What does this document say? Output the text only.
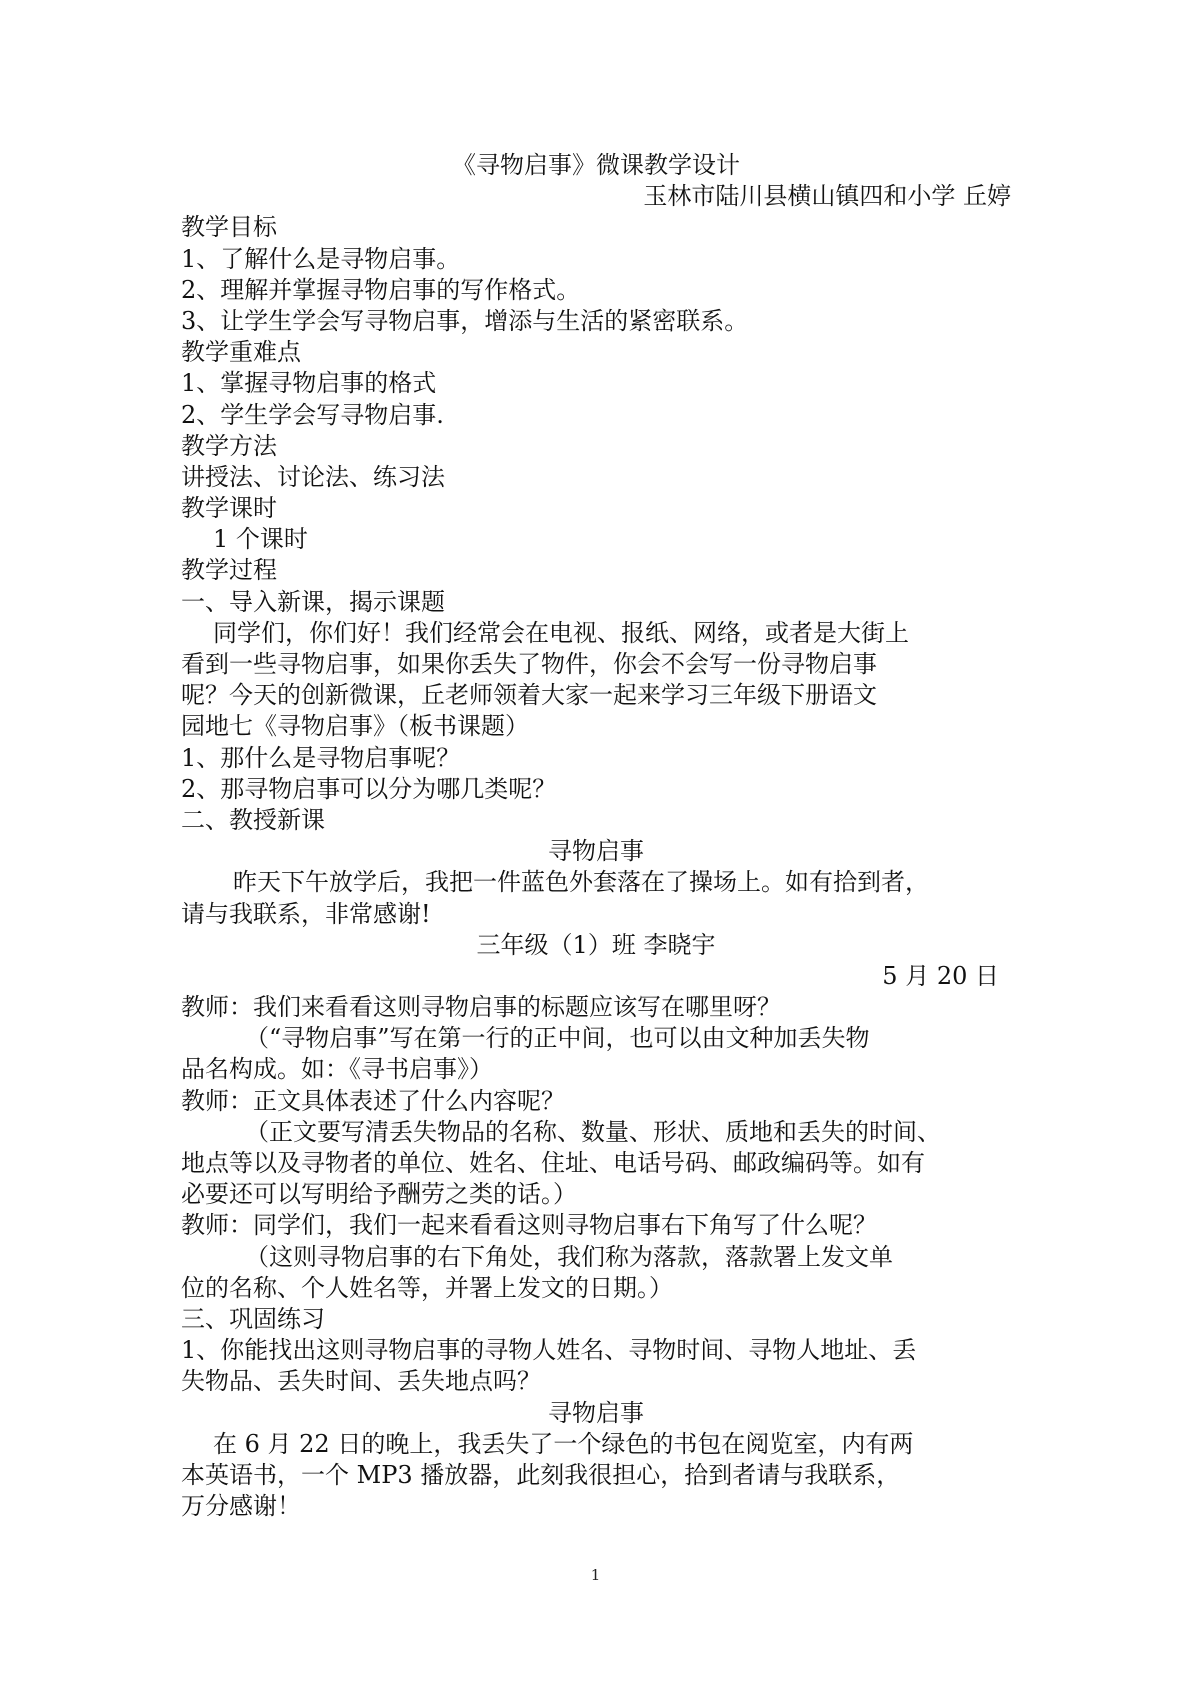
《寻物启事》微课教学设计
玉林市陆川县横山镇四和小学 丘婷
教学目标
1、了解什么是寻物启事。
2、理解并掌握寻物启事的写作格式。
3、让学生学会写寻物启事，增添与生活的紧密联系。
教学重难点
1、掌握寻物启事的格式
2、学生学会写寻物启事.
教学方法
讲授法、讨论法、练习法
教学课时
1 个课时
教学过程
一、导入新课，揭示课题
同学们，你们好！我们经常会在电视、报纸、网络，或者是大街上
看到一些寻物启事，如果你丢失了物件，你会不会写一份寻物启事
呢？今天的创新微课，丘老师领着大家一起来学习三年级下册语文
园地七《寻物启事》（板书课题）
1、那什么是寻物启事呢？
2、那寻物启事可以分为哪几类呢？
二、教授新课
寻物启事
昨天下午放学后，我把一件蓝色外套落在了操场上。如有拾到者，
请与我联系，非常感谢!
三年级（1）班 李晓宇
5 月 20 日
教师：我们来看看这则寻物启事的标题应该写在哪里呀？
（“寻物启事”写在第一行的正中间，也可以由文种加丢失物
品名构成。如：《寻书启事》）
教师：正文具体表述了什么内容呢？
（正文要写清丢失物品的名称、数量、形状、质地和丢失的时间、
地点等以及寻物者的单位、姓名、住址、电话号码、邮政编码等。如有
必要还可以写明给予酬劳之类的话。）
教师：同学们，我们一起来看看这则寻物启事右下角写了什么呢？
（这则寻物启事的右下角处，我们称为落款，落款署上发文单
位的名称、个人姓名等，并署上发文的日期。）
三、巩固练习
1、你能找出这则寻物启事的寻物人姓名、寻物时间、寻物人地址、丢
失物品、丢失时间、丢失地点吗？
寻物启事
在 6 月 22 日的晚上，我丢失了一个绿色的书包在阅览室，内有两
本英语书，一个 MP3 播放器，此刻我很担心，拾到者请与我联系，
万分感谢！
1
